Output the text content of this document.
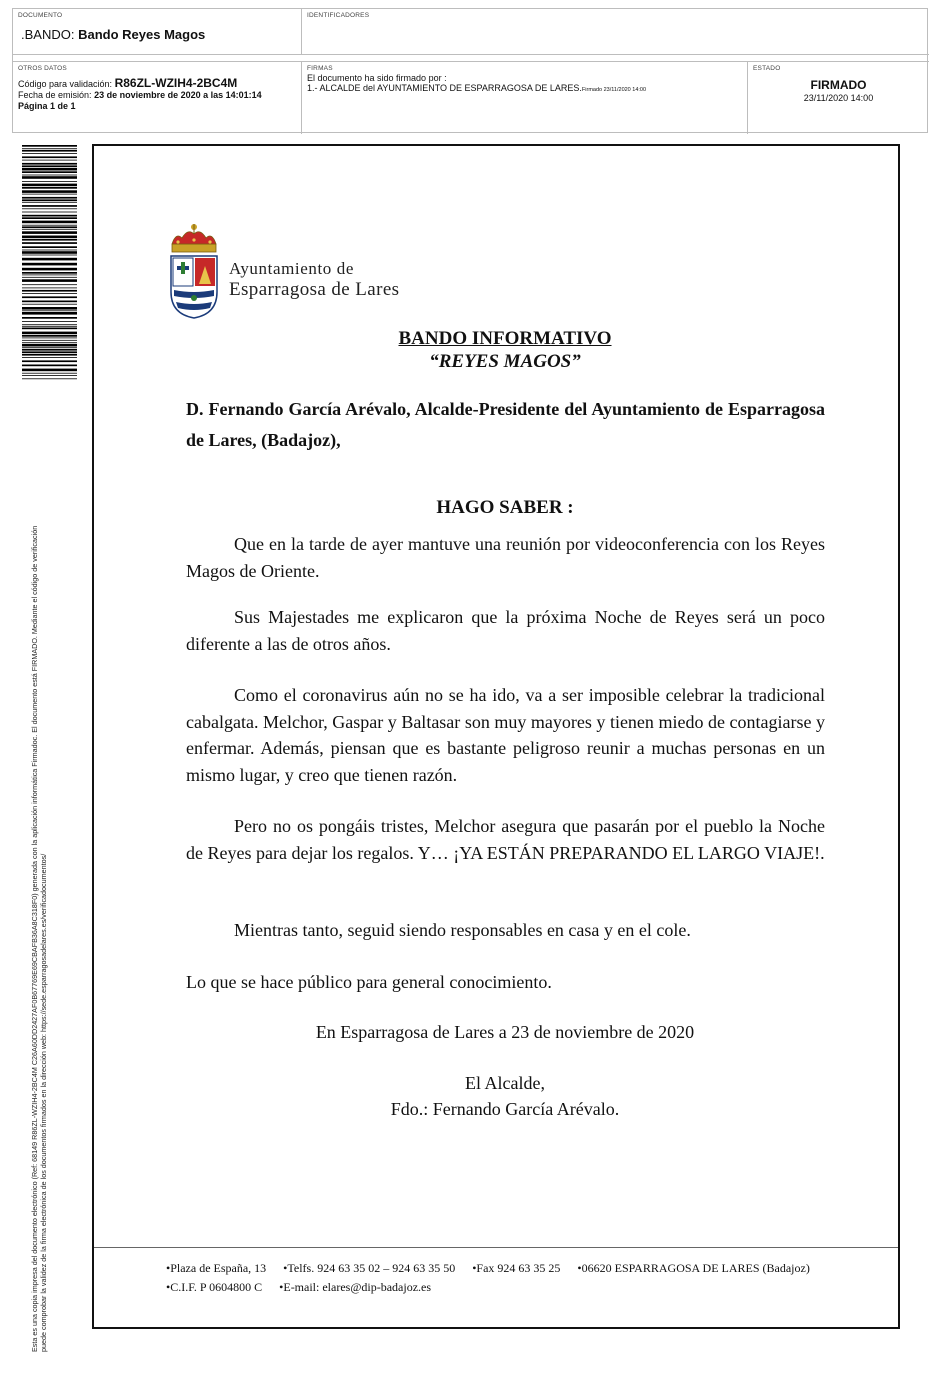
DOCUMENTO
.BANDO: Bando Reyes Magos
IDENTIFICADORES
OTROS DATOS
Código para validación: R86ZL-WZIH4-2BC4M
Fecha de emisión: 23 de noviembre de 2020 a las 14:01:14
Página 1 de 1
FIRMAS
El documento ha sido firmado por :
1.- ALCALDE del AYUNTAMIENTO DE ESPARRAGOSA DE LARES.Firmado 23/11/2020 14:00
ESTADO
FIRMADO
23/11/2020 14:00
Esta es una copia impresa del documento electrónico (Ref: 68149 R86ZL-WZIH4-2BC4M C26A60DD2427AF0B67769E69CBAFB36A8C318F0) generada con la aplicación informática Firmadoc. El documento está FIRMADO. Mediante el código de verificación puede comprobar la validez de la firma electrónica de los documentos firmados en la dirección web: https://sede.esparragosadelares.es/verificadocumentos/
Ayuntamiento de
Esparragosa de Lares
BANDO INFORMATIVO
“REYES MAGOS”
D. Fernando García Arévalo, Alcalde-Presidente del Ayuntamiento de Esparragosa de Lares, (Badajoz),
HAGO SABER :
Que en la tarde de ayer mantuve una reunión por videoconferencia con los Reyes Magos de Oriente.
Sus Majestades me explicaron que la próxima Noche de Reyes será un poco diferente a las de otros años.
Como el coronavirus aún no se ha ido, va a ser imposible celebrar la tradicional cabalgata. Melchor, Gaspar y Baltasar son muy mayores y tienen miedo de contagiarse y enfermar. Además, piensan que es bastante peligroso reunir a muchas personas en un mismo lugar, y creo que tienen razón.
Pero no os pongáis tristes, Melchor asegura que pasarán por el pueblo la Noche de Reyes para dejar los regalos. Y… ¡YA ESTÁN PREPARANDO EL LARGO VIAJE!.
Mientras tanto, seguid siendo responsables en casa y en el cole.
Lo que se hace público para general conocimiento.
En Esparragosa de Lares a 23 de noviembre de 2020
El Alcalde,
Fdo.: Fernando García Arévalo.
•Plaza de España, 13 •Telfs. 924 63 35 02 – 924 63 35 50 •Fax 924 63 35 25 •06620 ESPARRAGOSA DE LARES (Badajoz)
•C.I.F. P 0604800 C •E-mail: elares@dip-badajoz.es
